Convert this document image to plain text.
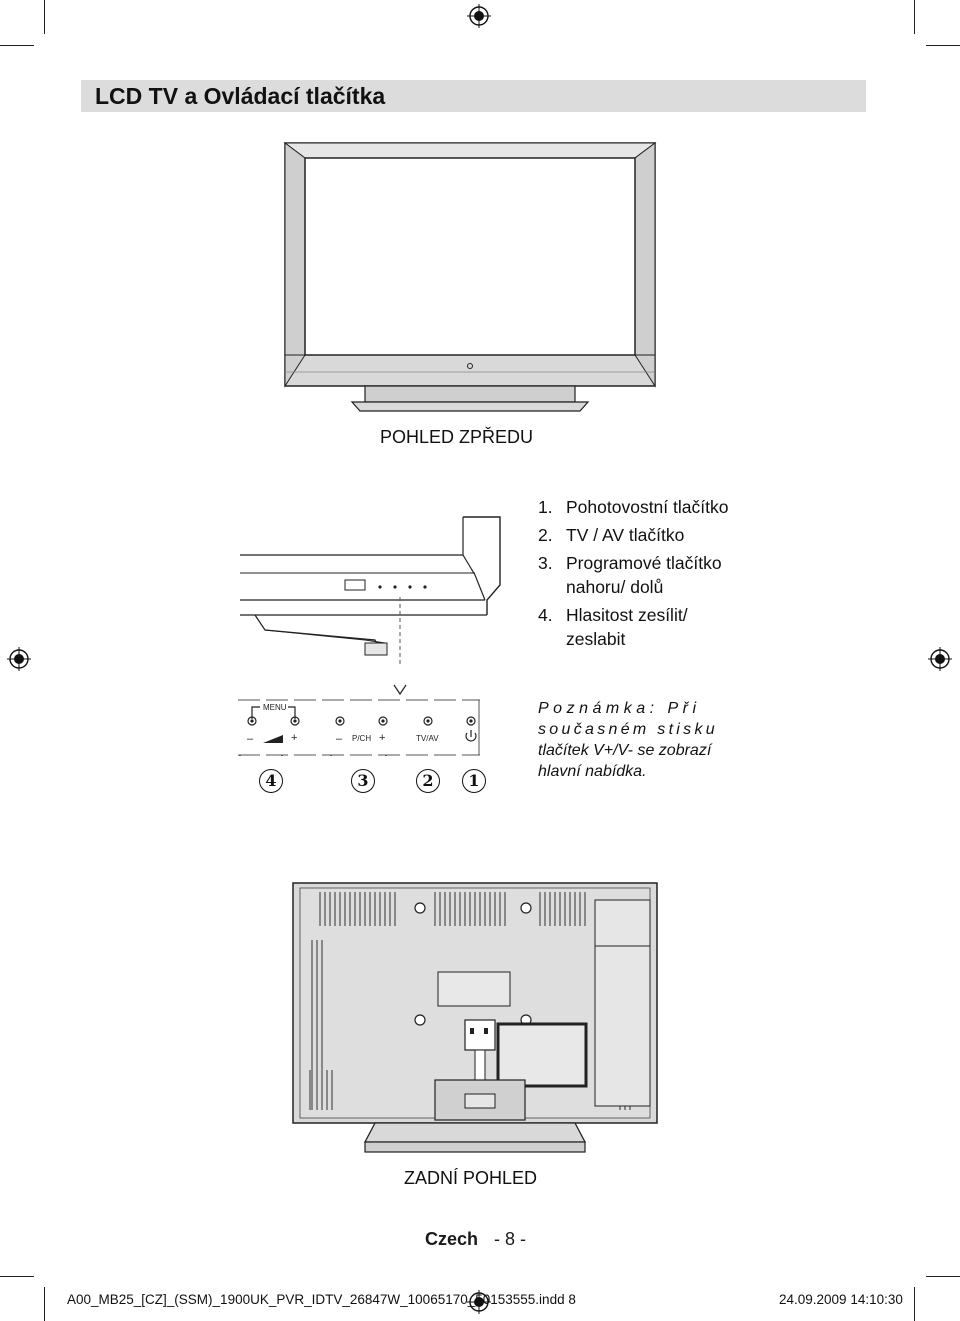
LCD TV a Ovládací tlačítka
POHLED ZPŘEDU
MENU
–	+	– P/CH +	TV/AV
4	3	2	1
1. Pohotovostní tlačítko
2. TV / AV tlačítko
3. Programové tlačítko nahoru/ dolů
4. Hlasitost zesílit/ zeslabit
Poznámka: Při
současném stisku
tlačítek V+/V- se zobrazí hlavní nabídka.
ZADNÍ POHLED
Czech - 8 -
A00_MB25_[CZ]_(SSM)_1900UK_PVR_IDTV_26847W_10065170_50153555.indd 8	24.09.2009 14:10:30
